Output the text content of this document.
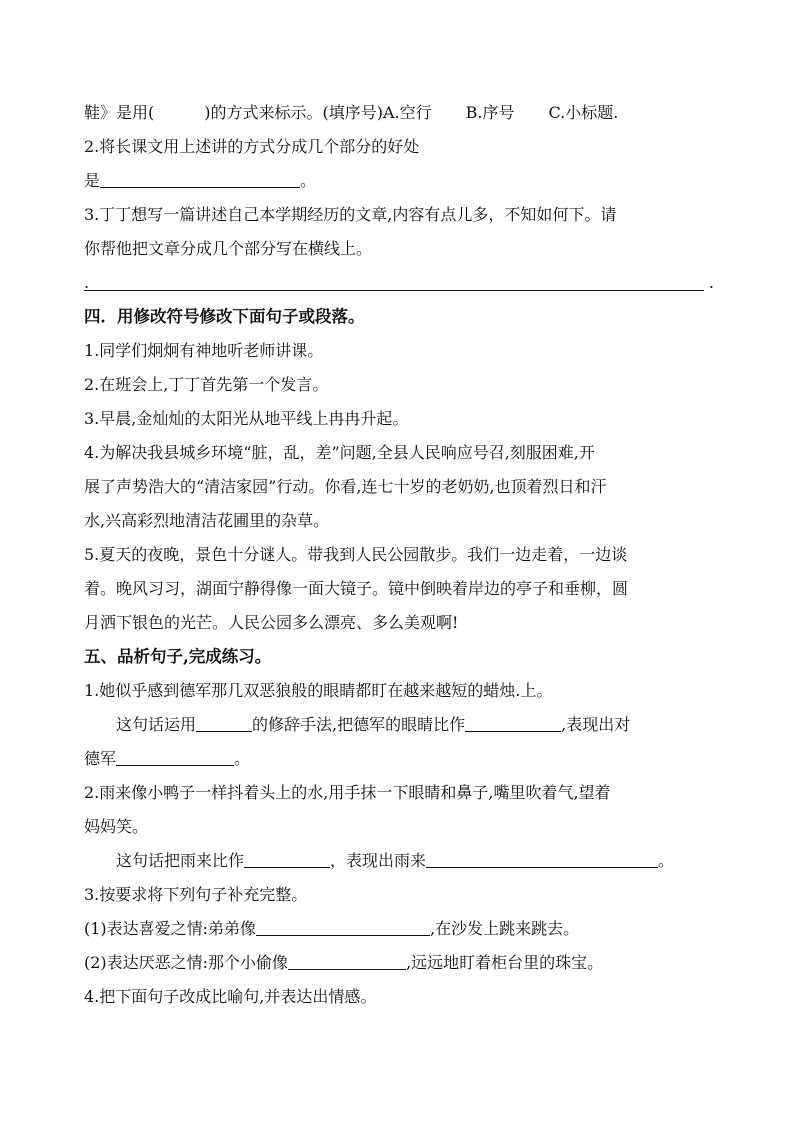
鞋》是用(	)的方式来标示。(填序号)A.空行 B.序号 C.小标题.
2.将长课文用上述讲的方式分成几个部分的好处
是	。
3.丁丁想写一篇讲述自己本学期经历的文章,内容有点儿多，不知如何下。请
你帮他把文章分成几个部分写在横线上。
.	.
四．用修改符号修改下面句子或段落。
1.同学们炯炯有神地听老师讲课。
2.在班会上,丁丁首先第一个发言。
3.早晨,金灿灿的太阳光从地平线上冉冉升起。
4.为解决我县城乡环境“脏，乱，差”问题,全县人民响应号召,刻服困难,开
展了声势浩大的“清洁家园”行动。你看,连七十岁的老奶奶,也顶着烈日和汗
水,兴高彩烈地清洁花圃里的杂草。
5.夏天的夜晚，景色十分谜人。带我到人民公园散步。我们一边走着，一边谈
着。晚风习习，湖面宁静得像一面大镜子。镜中倒映着岸边的亭子和垂柳，圆
月洒下银色的光芒。人民公园多么漂亮、多么美观啊!
五、品析句子,完成练习。
1.她似乎感到德军那几双恶狼般的眼睛都盯在越来越短的蜡烛.上。
这句话运用	的修辞手法,把德军的眼睛比作	,表现出对
德军	。
2.雨来像小鸭子一样抖着头上的水,用手抹一下眼睛和鼻子,嘴里吹着气,望着
妈妈笑。
这句话把雨来比作	，表现出雨来	。
3.按要求将下列句子补充完整。
(1)表达喜爱之情:弟弟像	,在沙发上跳来跳去。
(2)表达厌恶之情:那个小偷像	,远远地盯着柜台里的珠宝。
4.把下面句子改成比喻句,并表达出情感。
